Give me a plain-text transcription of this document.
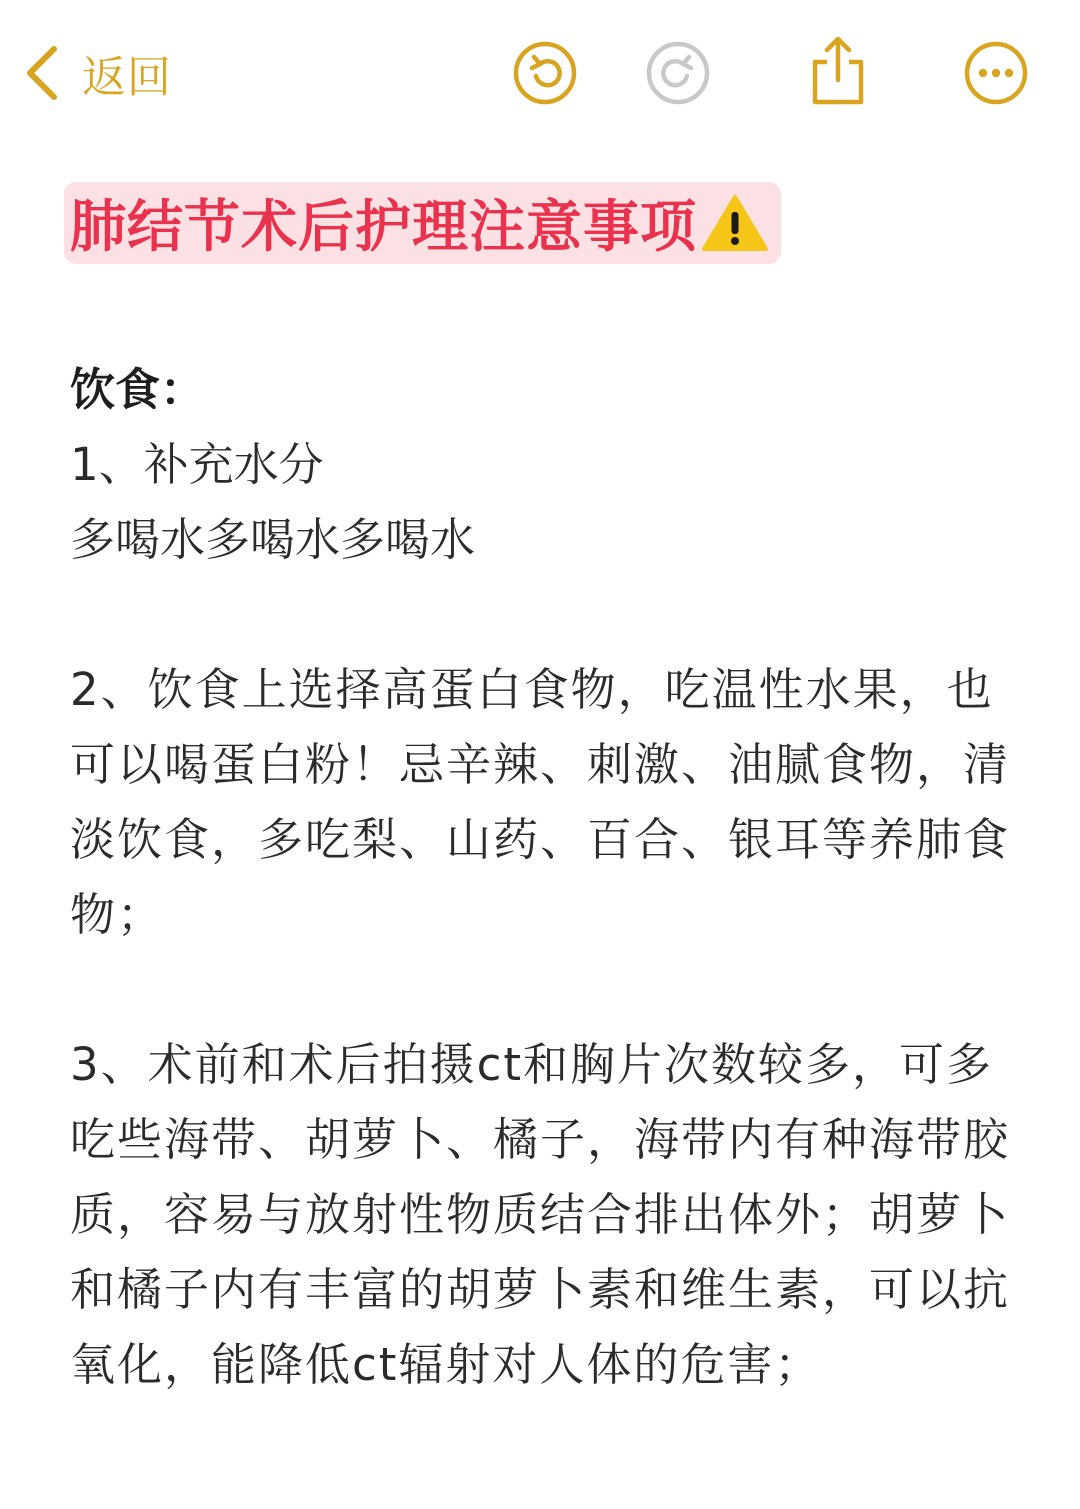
返回
肺结节术后护理注意事项

饮食：

1、补充水分

多喝水多喝水多喝水

2、饮食上选择高蛋白食物，吃温性水果，也可以喝蛋白粉！忌辛辣、刺激、油腻食物，清淡饮食，多吃梨、山药、百合、银耳等养肺食物；

3、术前和术后拍摄ct和胸片次数较多，可多吃些海带、胡萝卜、橘子，海带内有种海带胶质，容易与放射性物质结合排出体外；胡萝卜和橘子内有丰富的胡萝卜素和维生素，可以抗氧化，能降低ct辐射对人体的危害；
